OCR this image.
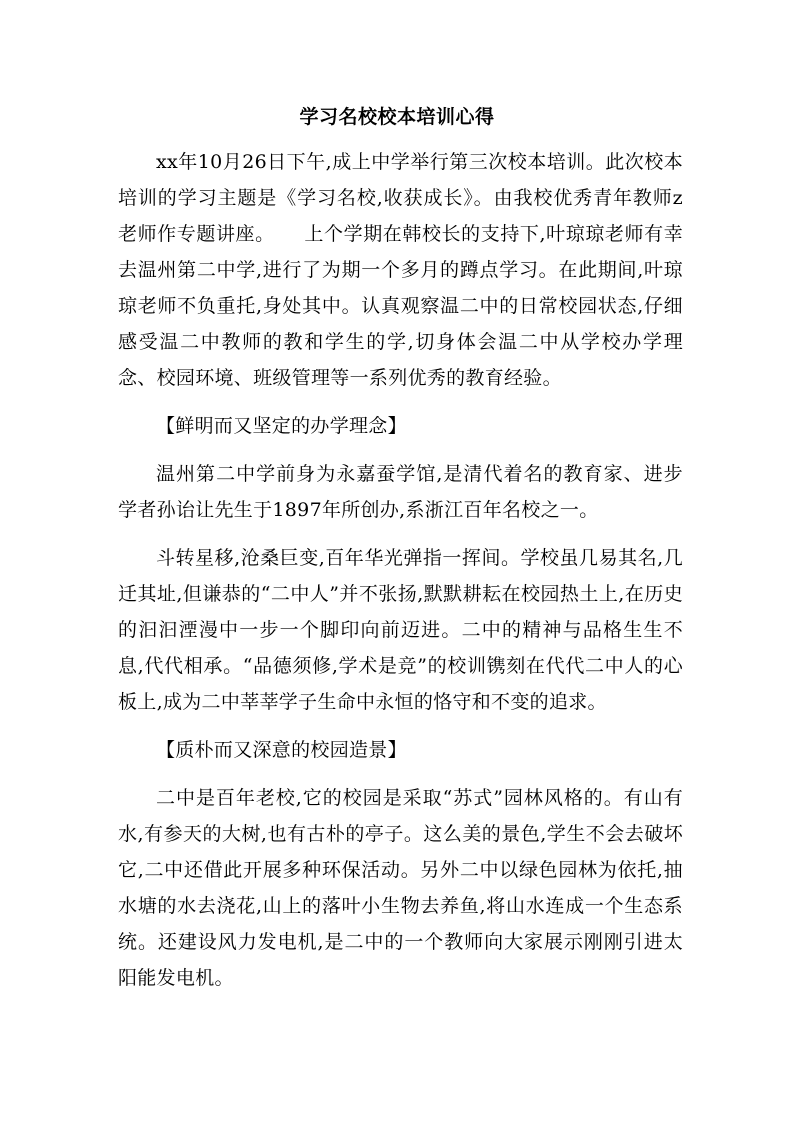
学习名校校本培训心得

xx年10月26日下午,成上中学举行第三次校本培训。此次校本培训的学习主题是《学习名校,收获成长》。由我校优秀青年教师z老师作专题讲座。　　上个学期在韩校长的支持下,叶琼琼老师有幸去温州第二中学,进行了为期一个多月的蹲点学习。在此期间,叶琼琼老师不负重托,身处其中。认真观察温二中的日常校园状态,仔细感受温二中教师的教和学生的学,切身体会温二中从学校办学理念、校园环境、班级管理等一系列优秀的教育经验。

【鲜明而又坚定的办学理念】

温州第二中学前身为永嘉蚕学馆,是清代着名的教育家、进步学者孙诒让先生于1897年所创办,系浙江百年名校之一。

斗转星移,沧桑巨变,百年华光弹指一挥间。学校虽几易其名,几迁其址,但谦恭的“二中人”并不张扬,默默耕耘在校园热土上,在历史的汩汩湮漫中一步一个脚印向前迈进。二中的精神与品格生生不息,代代相承。“品德须修,学术是竞”的校训镌刻在代代二中人的心板上,成为二中莘莘学子生命中永恒的恪守和不变的追求。

【质朴而又深意的校园造景】

二中是百年老校,它的校园是采取“苏式”园林风格的。有山有水,有参天的大树,也有古朴的亭子。这么美的景色,学生不会去破坏它,二中还借此开展多种环保活动。另外二中以绿色园林为依托,抽水塘的水去浇花,山上的落叶小生物去养鱼,将山水连成一个生态系统。还建设风力发电机,是二中的一个教师向大家展示刚刚引进太阳能发电机。
